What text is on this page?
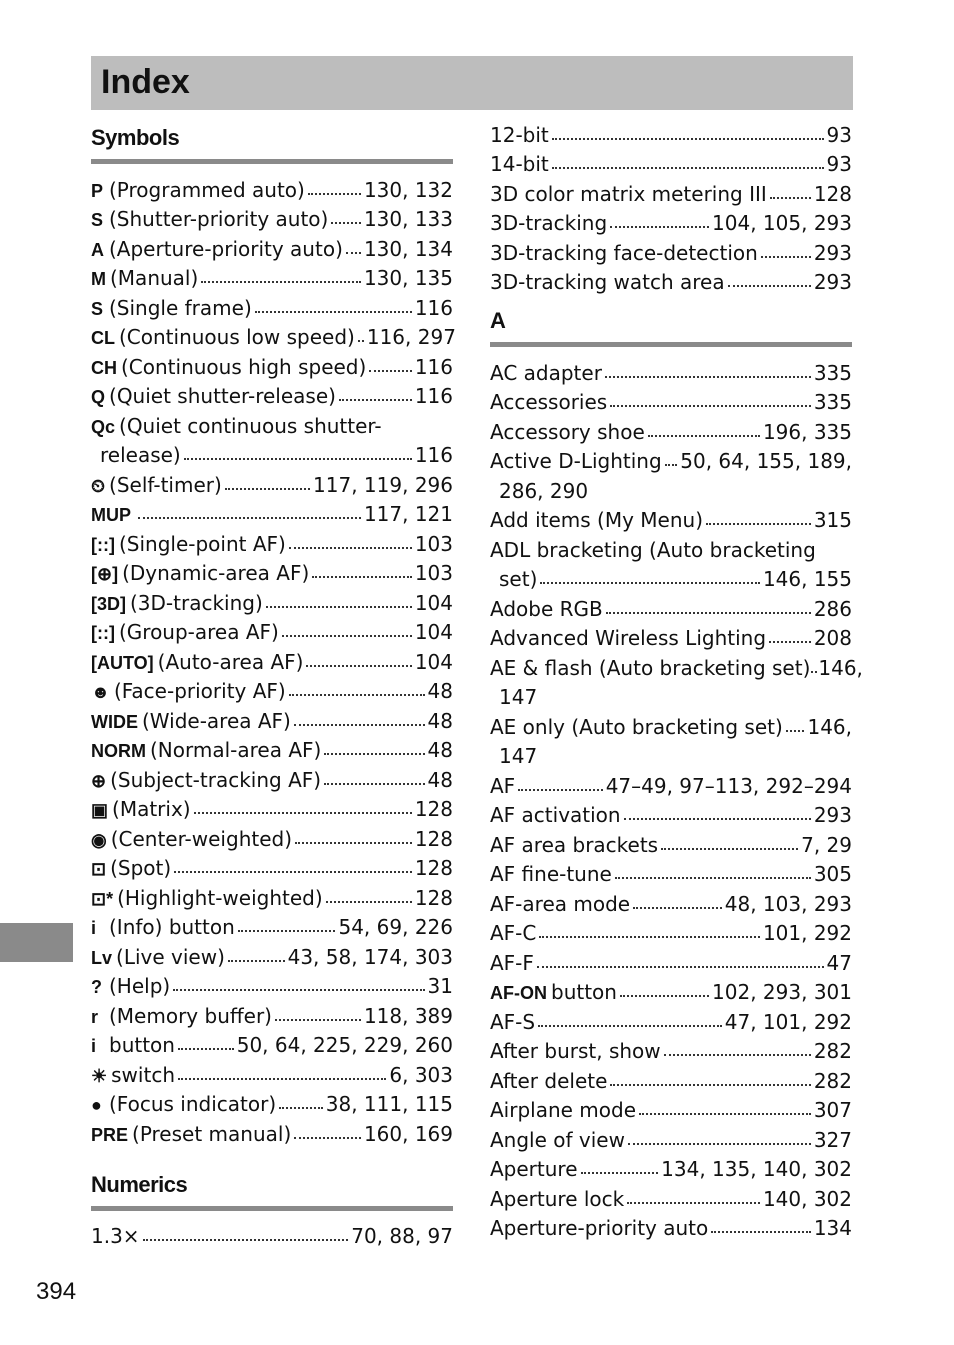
Index
Symbols
P (Programmed auto)	130, 132
S (Shutter-priority auto) 130, 133
A (Aperture-priority auto) 130, 134
M (Manual)	130, 135
S (Single frame)	116
CL (Continuous low speed) 116, 297
CH (Continuous high speed) 116
Q (Quiet shutter-release)	116
Qc (Quiet continuous shutter-
release)	116
⏲ (Self-timer)	117, 119, 296
MUP	117, 121
[::] (Single-point AF)	103
[⊕] (Dynamic-area AF)	103
[3D] (3D-tracking)	104
[::] (Group-area AF)	104
[AUTO] (Auto-area AF)	104
☻ (Face-priority AF)	48
WIDE (Wide-area AF)	48
NORM (Normal-area AF)	48
⊕ (Subject-tracking AF)	48
▣ (Matrix)	128
◉ (Center-weighted)	128
⊡ (Spot)	128
⊡* (Highlight-weighted)	128
i (Info) button	54, 69, 226
Lv (Live view)	43, 58, 174, 303
? (Help)	31
r (Memory buffer)	118, 389
i button	50, 64, 225, 229, 260
☀ switch	6, 303
● (Focus indicator) 38, 111, 115
PRE (Preset manual)	160, 169
Numerics
1.3×	70, 88, 97
12-bit	93
14-bit	93
3D color matrix metering III 128
3D-tracking	104, 105, 293
3D-tracking face-detection	293
3D-tracking watch area	293
A
AC adapter	335
Accessories	335
Accessory shoe	196, 335
Active D-Lighting 50, 64, 155, 189,
286, 290
Add items (My Menu)	315
ADL bracketing (Auto bracketing
set)	146, 155
Adobe RGB	286
Advanced Wireless Lighting 208
AE & flash (Auto bracketing set) 146,
147
AE only (Auto bracketing set) 146,
147
AF	47–49, 97–113, 292–294
AF activation	293
AF area brackets	7, 29
AF fine-tune	305
AF-area mode	48, 103, 293
AF-C	101, 292
AF-F	47
AF-ON button	102, 293, 301
AF-S	47, 101, 292
After burst, show	282
After delete	282
Airplane mode	307
Angle of view	327
Aperture	134, 135, 140, 302
Aperture lock	140, 302
Aperture-priority auto	134
394
